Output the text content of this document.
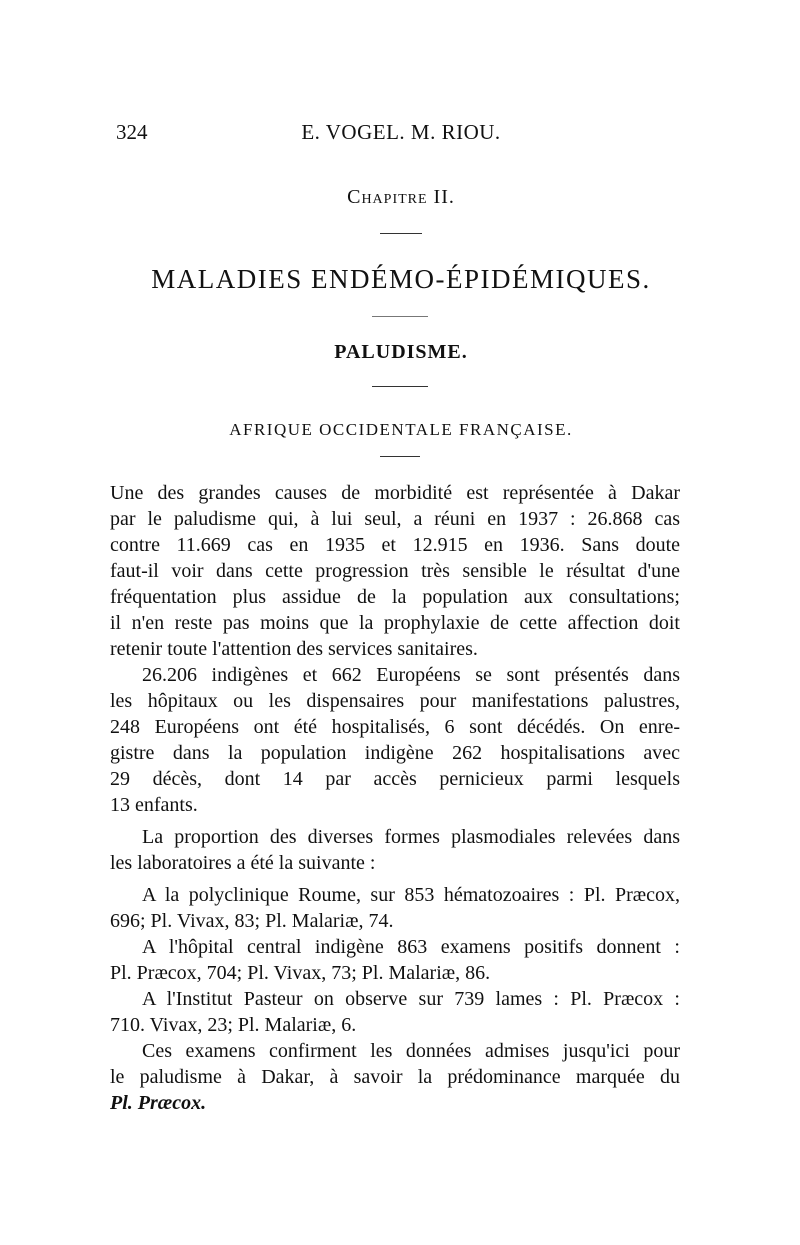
324	E. VOGEL. M. RIOU.
Chapitre II.
MALADIES ENDÉMO-ÉPIDÉMIQUES.
PALUDISME.
AFRIQUE OCCIDENTALE FRANÇAISE.
Une des grandes causes de morbidité est représentée à Dakar
par le paludisme qui, à lui seul, a réuni en 1937 : 26.868 cas
contre 11.669 cas en 1935 et 12.915 en 1936. Sans doute
faut-il voir dans cette progression très sensible le résultat d'une
fréquentation plus assidue de la population aux consultations;
il n'en reste pas moins que la prophylaxie de cette affection doit
retenir toute l'attention des services sanitaires.
26.206 indigènes et 662 Européens se sont présentés dans
les hôpitaux ou les dispensaires pour manifestations palustres,
248 Européens ont été hospitalisés, 6 sont décédés. On enre-
gistre dans la population indigène 262 hospitalisations avec
29 décès, dont 14 par accès pernicieux parmi lesquels
13 enfants.
La proportion des diverses formes plasmodiales relevées dans
les laboratoires a été la suivante :
A la polyclinique Roume, sur 853 hématozoaires : Pl. Præcox,
696; Pl. Vivax, 83; Pl. Malariæ, 74.
A l'hôpital central indigène 863 examens positifs donnent :
Pl. Præcox, 704; Pl. Vivax, 73; Pl. Malariæ, 86.
A l'Institut Pasteur on observe sur 739 lames : Pl. Præcox :
710. Vivax, 23; Pl. Malariæ, 6.
Ces examens confirment les données admises jusqu'ici pour
le paludisme à Dakar, à savoir la prédominance marquée du
Pl. Præcox.
